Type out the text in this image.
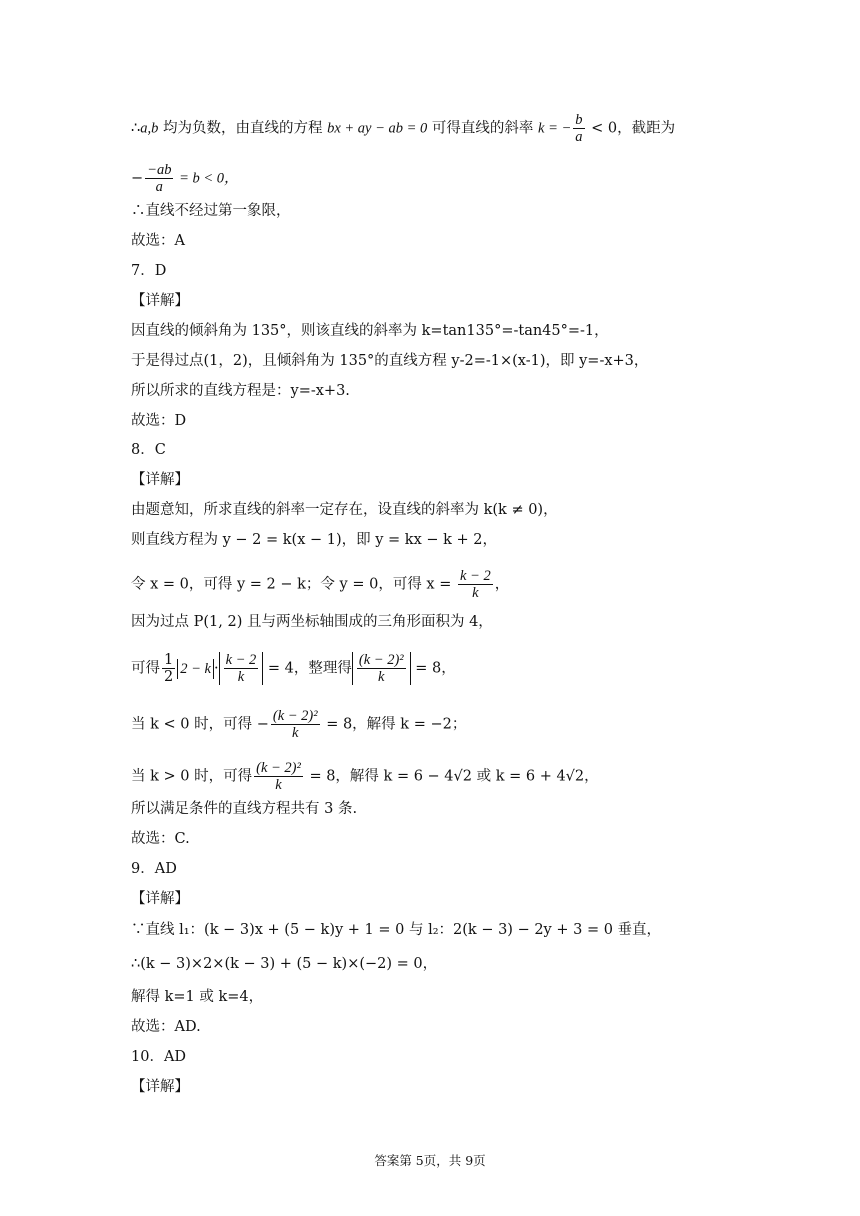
∴a,b 均为负数，由直线的方程 bx + ay − ab = 0 可得直线的斜率 k = − $\frac{b}{a} < 0$，截距为
− $\frac{-ab}{a} = b < 0$，
∴直线不经过第一象限，
故选：A
7．D
【详解】
因直线的倾斜角为 135°，则该直线的斜率为 k=tan135°=-tan45°=-1，
于是得过点(1，2)，且倾斜角为 135°的直线方程 y-2=-1×(x-1)，即 y=-x+3，
所以所求的直线方程是：y=-x+3.
故选：D
8．C
【详解】
由题意知，所求直线的斜率一定存在，设直线的斜率为 k(k ≠ 0)，
则直线方程为 y − 2 = k(x − 1)，即 y = kx − k + 2，
令 x = 0，可得 y = 2 − k；令 y = 0，可得 $x = \frac{k - 2}{k}$ ，
因为过点 P(1, 2) 且与两坐标轴围成的三角形面积为 4，
可得 $\frac{1}{2} 2 - k \cdot \frac{k - 2}{k} = 4$，整理得 $\frac{\text{(k − 2)²}}{k} = 8$，
当 k < 0 时，可得 − $\frac{\text{(k − 2)²}}{k} = 8$，解得 k = −2；
当 k > 0 时，可得 $\frac{\text{(k − 2)²}}{k} = 8$，解得 k = 6 − 4√2 或 k = 6 + 4√2，
所以满足条件的直线方程共有 3 条.
故选：C.
9．AD
【详解】
∵直线 l₁：(k − 3)x + (5 − k)y + 1 = 0 与 l₂：2(k − 3) − 2y + 3 = 0 垂直，
∴(k − 3)×2×(k − 3) + (5 − k)×(−2) = 0，
解得 k=1 或 k=4，
故选：AD.
10．AD
【详解】
答案第 5页，共 9页
